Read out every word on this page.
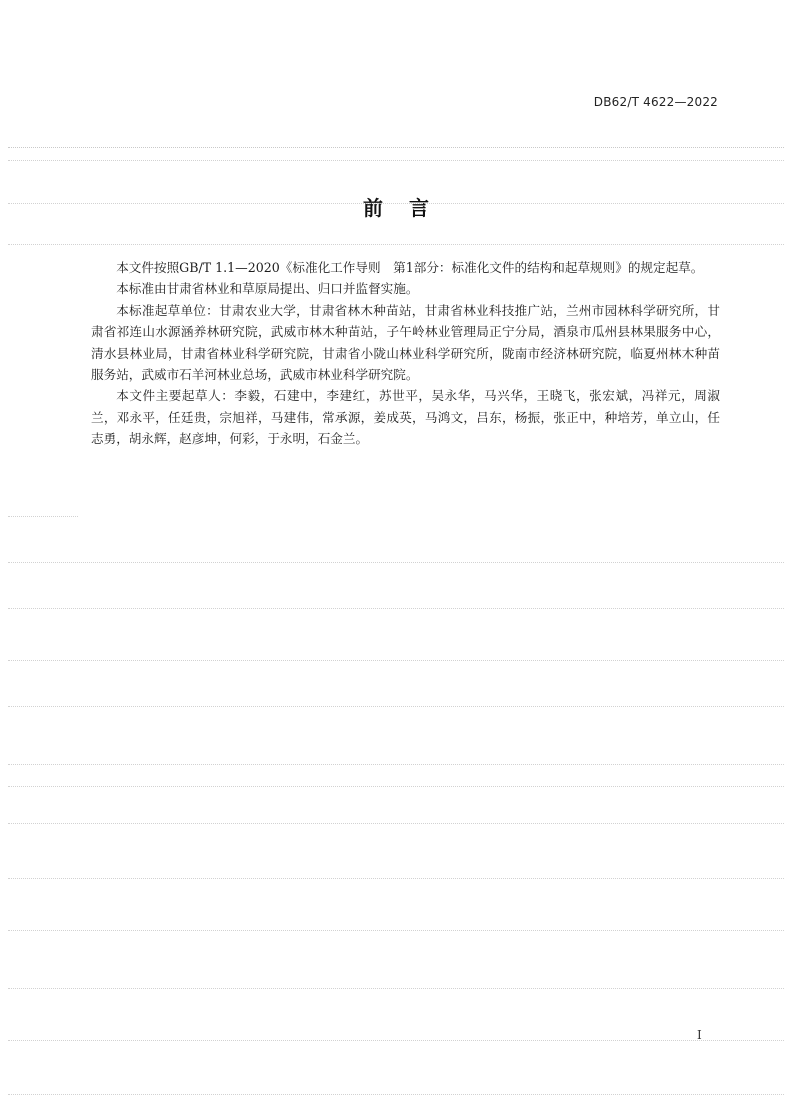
DB62/T 4622—2022
前言

本文件按照GB/T 1.1—2020《标准化工作导则　第1部分：标准化文件的结构和起草规则》的规定起草。

本标准由甘肃省林业和草原局提出、归口并监督实施。

本标准起草单位：甘肃农业大学，甘肃省林木种苗站，甘肃省林业科技推广站，兰州市园林科学研究所，甘肃省祁连山水源涵养林研究院，武威市林木种苗站，子午岭林业管理局正宁分局，酒泉市瓜州县林果服务中心，清水县林业局，甘肃省林业科学研究院，甘肃省小陇山林业科学研究所，陇南市经济林研究院，临夏州林木种苗服务站，武威市石羊河林业总场，武威市林业科学研究院。

本文件主要起草人：李毅，石建中，李建红，苏世平，吴永华，马兴华，王晓飞，张宏斌，冯祥元，周淑兰，邓永平，任廷贵，宗旭祥，马建伟，常承源，姜成英，马鸿文，吕东，杨振，张正中，种培芳，单立山，任志勇，胡永辉，赵彦坤，何彩，于永明，石金兰。

I
